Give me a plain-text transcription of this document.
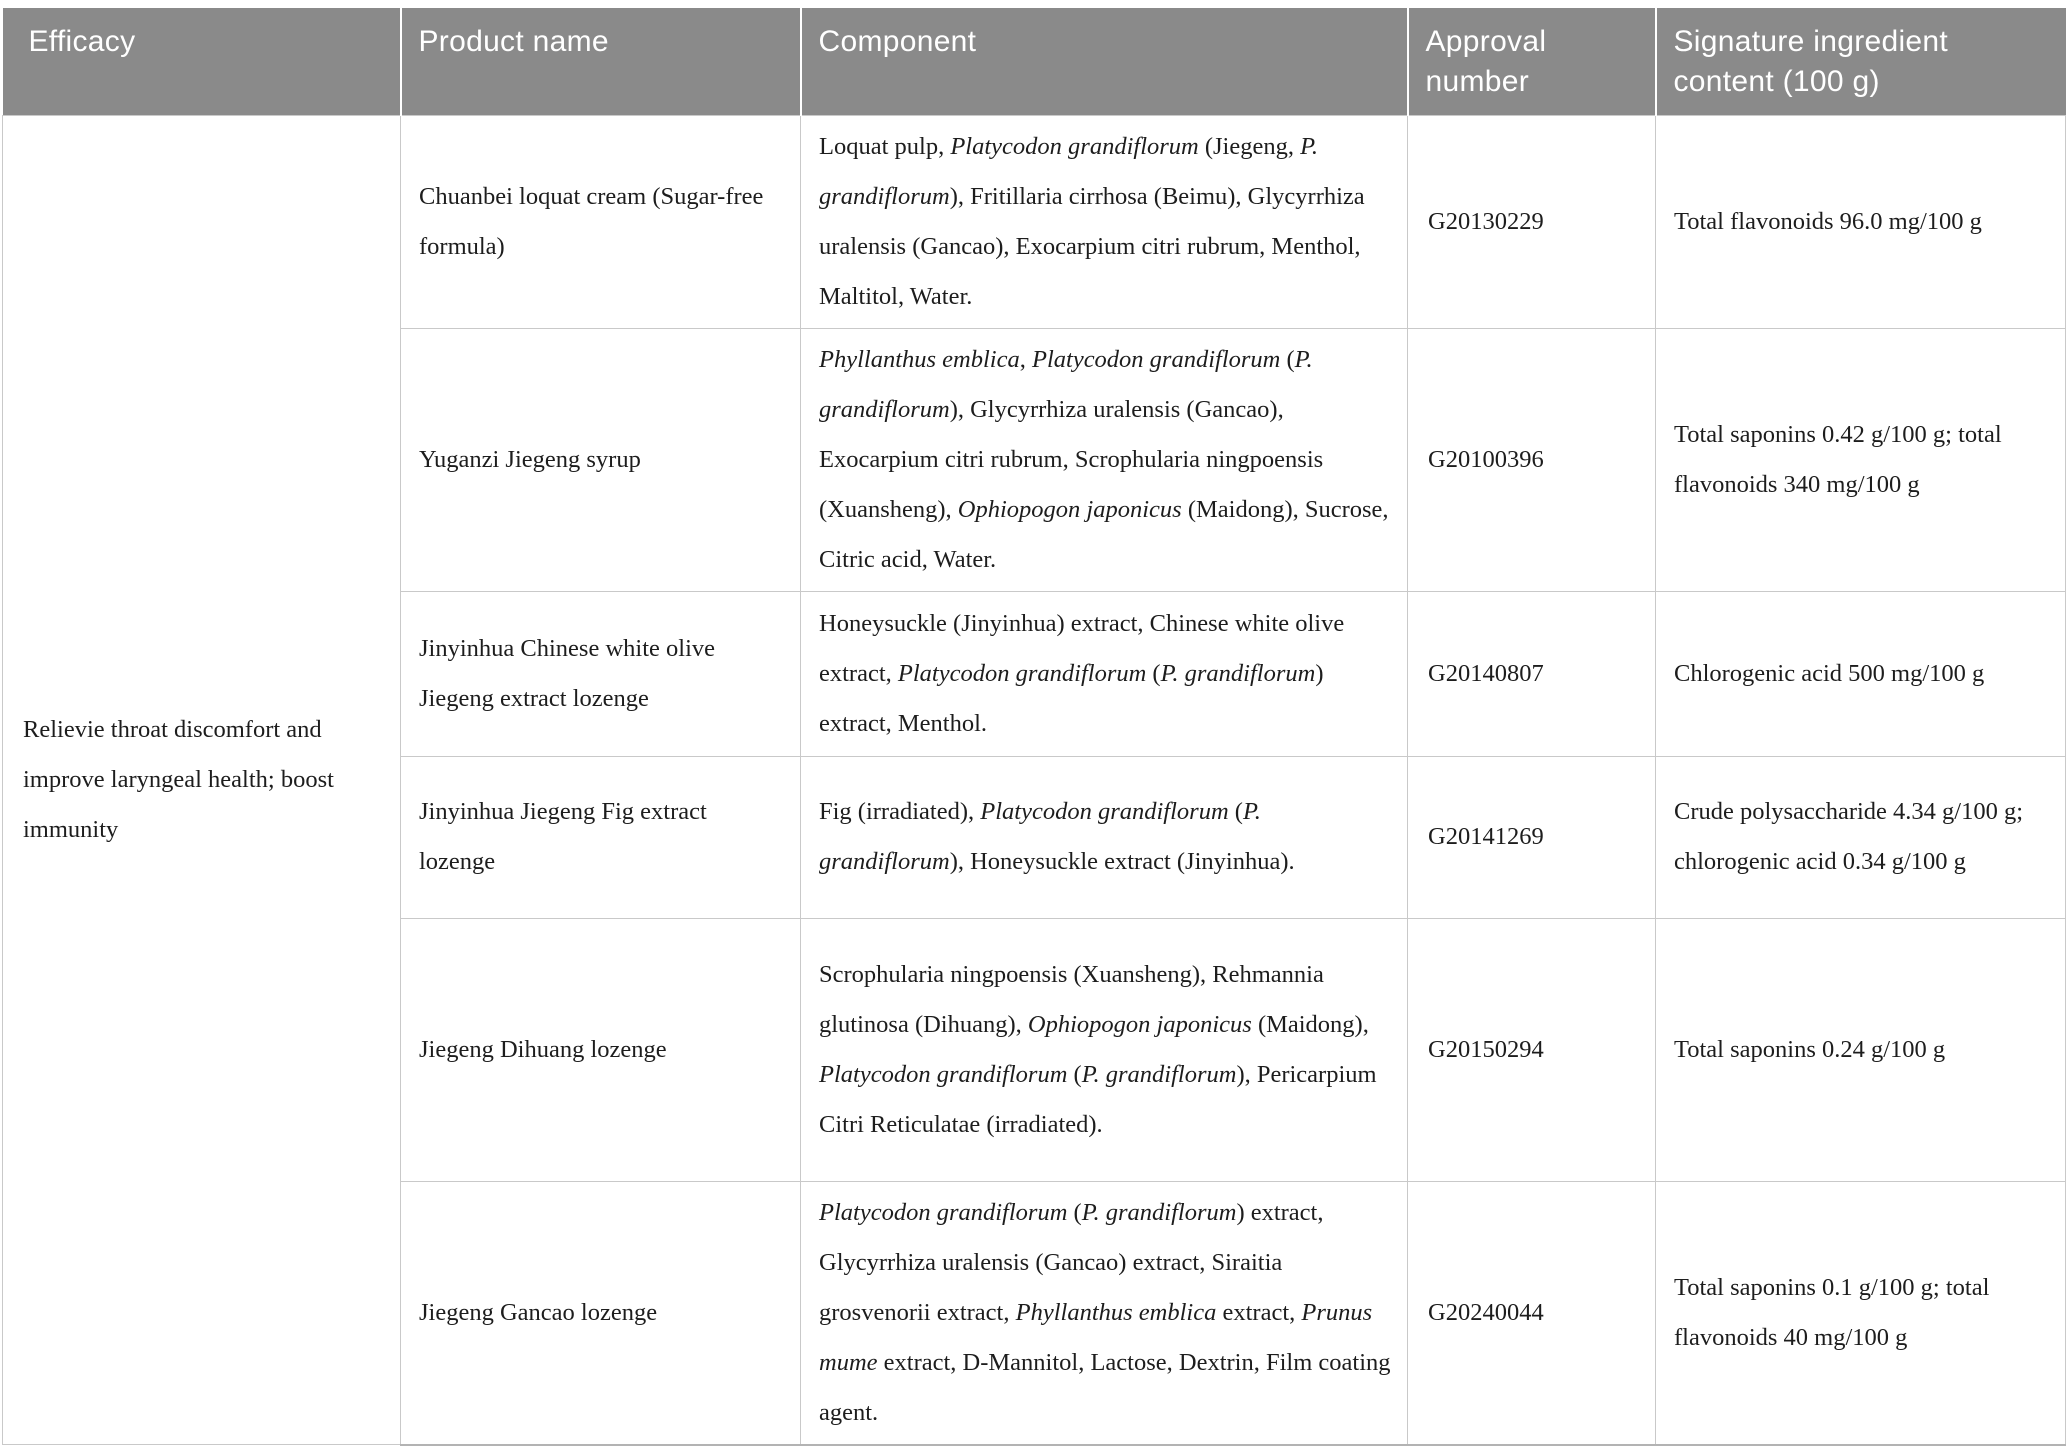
Efficacy	Product name	Component	Approval number	Signature ingredient content (100 g)
Relievie throat discomfort and improve laryngeal health; boost immunity	Chuanbei loquat cream (Sugar-free formula)	Loquat pulp, Platycodon grandiflorum (Jiegeng, P. grandiflorum), Fritillaria cirrhosa (Beimu), Glycyrrhiza uralensis (Gancao), Exocarpium citri rubrum, Menthol, Maltitol, Water.	G20130229	Total flavonoids 96.0 mg/100 g
	Yuganzi Jiegeng syrup	Phyllanthus emblica, Platycodon grandiflorum (P. grandiflorum), Glycyrrhiza uralensis (Gancao), Exocarpium citri rubrum, Scrophularia ningpoensis (Xuansheng), Ophiopogon japonicus (Maidong), Sucrose, Citric acid, Water.	G20100396	Total saponins 0.42 g/100 g; total flavonoids 340 mg/100 g
	Jinyinhua Chinese white olive Jiegeng extract lozenge	Honeysuckle (Jinyinhua) extract, Chinese white olive extract, Platycodon grandiflorum (P. grandiflorum) extract, Menthol.	G20140807	Chlorogenic acid 500 mg/100 g
	Jinyinhua Jiegeng Fig extract lozenge	Fig (irradiated), Platycodon grandiflorum (P. grandiflorum), Honeysuckle extract (Jinyinhua).	G20141269	Crude polysaccharide 4.34 g/100 g; chlorogenic acid 0.34 g/100 g
	Jiegeng Dihuang lozenge	Scrophularia ningpoensis (Xuansheng), Rehmannia glutinosa (Dihuang), Ophiopogon japonicus (Maidong), Platycodon grandiflorum (P. grandiflorum), Pericarpium Citri Reticulatae (irradiated).	G20150294	Total saponins 0.24 g/100 g
	Jiegeng Gancao lozenge	Platycodon grandiflorum (P. grandiflorum) extract, Glycyrrhiza uralensis (Gancao) extract, Siraitia grosvenorii extract, Phyllanthus emblica extract, Prunus mume extract, D-Mannitol, Lactose, Dextrin, Film coating agent.	G20240044	Total saponins 0.1 g/100 g; total flavonoids 40 mg/100 g
